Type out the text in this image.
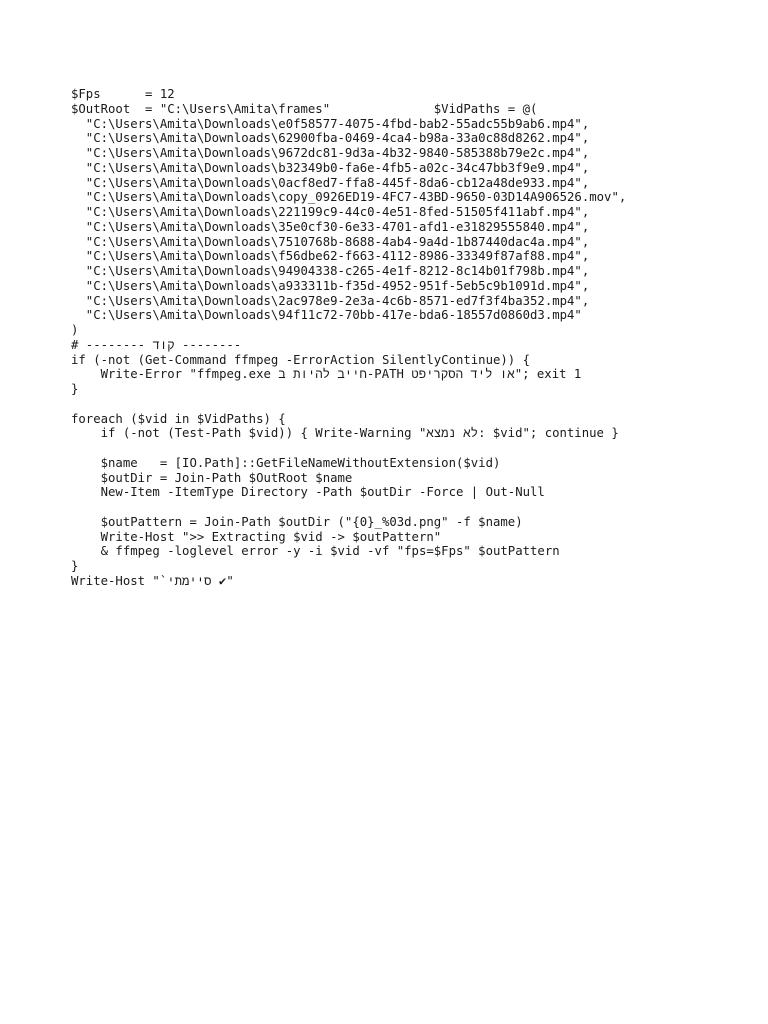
$Fps      = 12
$OutRoot  = "C:\Users\Amita\frames"              $VidPaths = @(
"C:\Users\Amita\Downloads\e0f58577-4075-4fbd-bab2-55adc55b9ab6.mp4",
"C:\Users\Amita\Downloads\62900fba-0469-4ca4-b98a-33a0c88d8262.mp4",
"C:\Users\Amita\Downloads\9672dc81-9d3a-4b32-9840-585388b79e2c.mp4",
"C:\Users\Amita\Downloads\b32349b0-fa6e-4fb5-a02c-34c47bb3f9e9.mp4",
"C:\Users\Amita\Downloads\0acf8ed7-ffa8-445f-8da6-cb12a48de933.mp4",
"C:\Users\Amita\Downloads\copy_0926ED19-4FC7-43BD-9650-03D14A906526.mov",
"C:\Users\Amita\Downloads\221199c9-44c0-4e51-8fed-51505f411abf.mp4",
"C:\Users\Amita\Downloads\35e0cf30-6e33-4701-afd1-e31829555840.mp4",
"C:\Users\Amita\Downloads\7510768b-8688-4ab4-9a4d-1b87440dac4a.mp4",
"C:\Users\Amita\Downloads\f56dbe62-f663-4112-8986-33349f87af88.mp4",
"C:\Users\Amita\Downloads\94904338-c265-4e1f-8212-8c14b01f798b.mp4",
"C:\Users\Amita\Downloads\a933311b-f35d-4952-951f-5eb5c9b1091d.mp4",
"C:\Users\Amita\Downloads\2ac978e9-2e3a-4c6b-8571-ed7f3f4ba352.mp4",
"C:\Users\Amita\Downloads\94f11c72-70bb-417e-bda6-18557d0860d3.mp4"
)
# -------- קוד --------
if (-not (Get-Command ffmpeg -ErrorAction SilentlyContinue)) {
Write-Error "ffmpeg.exe חייב להיות ב-PATH או ליד הסקריפט"; exit 1
}
foreach ($vid in $VidPaths) {
if (-not (Test-Path $vid)) { Write-Warning "לא נמצא: $vid"; continue }
$name   = [IO.Path]::GetFileNameWithoutExtension($vid)
$outDir = Join-Path $OutRoot $name
New-Item -ItemType Directory -Path $outDir -Force | Out-Null
$outPattern = Join-Path $outDir ("{0}_%03d.png" -f $name)
Write-Host ">> Extracting $vid -> $outPattern"
& ffmpeg -loglevel error -y -i $vid -vf "fps=$Fps" $outPattern
}
Write-Host "`סיימתי ✔"
